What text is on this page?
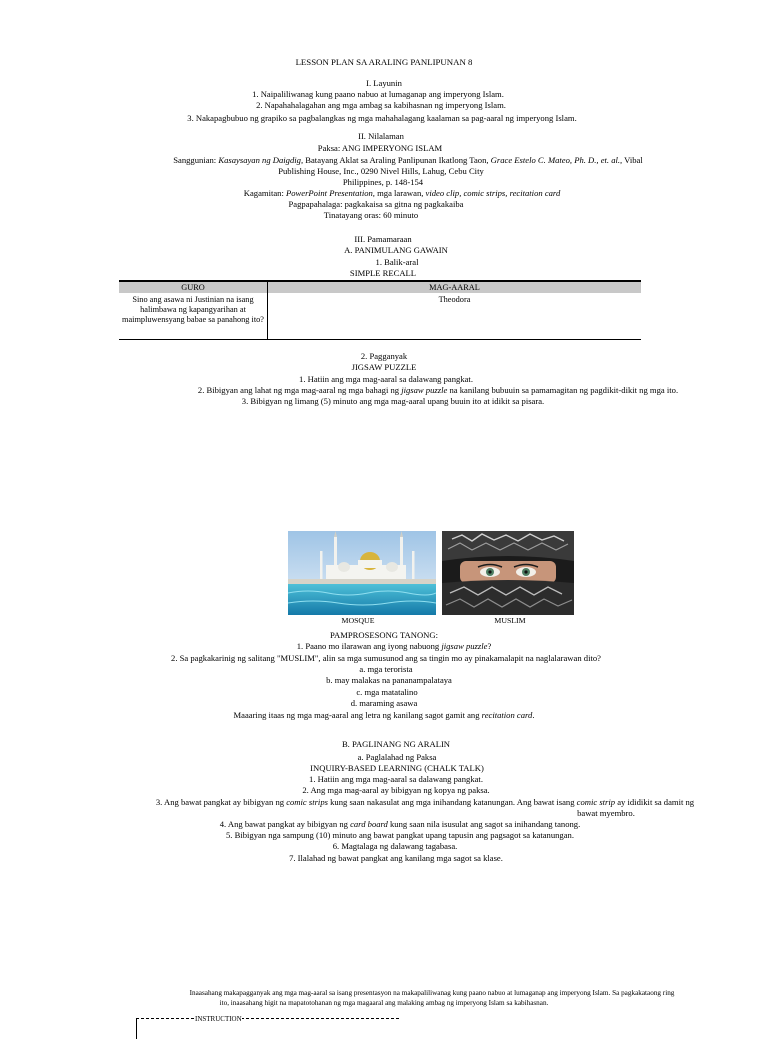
LESSON PLAN SA ARALING PANLIPUNAN 8
I. Layunin
1. Naipaliliwanag kung paano nabuo at lumaganap ang imperyong Islam.
2. Napahahalagahan ang mga ambag sa kabihasnan ng imperyong Islam.
3. Nakapagbubuo ng grapiko sa pagbalangkas ng mga mahahalagang kaalaman sa pag-aaral ng imperyong Islam.
II. Nilalaman
Paksa: ANG IMPERYONG ISLAM
Sanggunian: Kasaysayan ng Daigdig, Batayang Aklat sa Araling Panlipunan Ikatlong Taon, Grace Estelo C. Mateo, Ph. D., et. al., Vibal
Publishing House, Inc., 0290 Nivel Hills, Lahug, Cebu City
Philippines, p. 148-154
Kagamitan: PowerPoint Presentation, mga larawan, video clip, comic strips, recitation card
Pagpapahalaga: pagkakaisa sa gitna ng pagkakaiba
Tinatayang oras: 60 minuto
III. Pamamaraan
A. PANIMULANG GAWAIN
1. Balik-aral
SIMPLE RECALL
GURO	MAG-AARAL
Sino ang asawa ni Justinian na isang halimbawa ng kapangyarihan at maimpluwensyang babae sa panahong ito?	Theodora
2. Pagganyak
JIGSAW PUZZLE
1. Hatiin ang mga mag-aaral sa dalawang pangkat.
2. Bibigyan ang lahat ng mga mag-aaral ng mga bahagi ng jigsaw puzzle na kanilang bubuuin sa pamamagitan ng pagdikit-dikit ng mga ito.
3. Bibigyan ng limang (5) minuto ang mga mag-aaral upang buuin ito at idikit sa pisara.
MOSQUE	MUSLIM
PAMPROSESONG TANONG:
1. Paano mo ilarawan ang iyong nabuong jigsaw puzzle?
2. Sa pagkakarinig ng salitang "MUSLIM", alin sa mga sumusunod ang sa tingin mo ay pinakamalapit na naglalarawan dito?
a. mga terorista
b. may malakas na pananampalataya
c. mga matatalino
d. maraming asawa
Maaaring itaas ng mga mag-aaral ang letra ng kanilang sagot gamit ang recitation card.
B. PAGLINANG NG ARALIN
a. Paglalahad ng Paksa
INQUIRY-BASED LEARNING (CHALK TALK)
1. Hatiin ang mga mag-aaral sa dalawang pangkat.
2. Ang mga mag-aaral ay bibigyan ng kopya ng paksa.
3. Ang bawat pangkat ay bibigyan ng comic strips kung saan nakasulat ang mga inihandang katanungan. Ang bawat isang comic strip ay ididikit sa damit ng
bawat myembro.
4. Ang bawat pangkat ay bibigyan ng card board kung saan nila isusulat ang sagot sa inihandang tanong.
5. Bibigyan nga sampung (10) minuto ang bawat pangkat upang tapusin ang pagsagot sa katanungan.
6. Magtalaga ng dalawang tagabasa.
7. Ilalahad ng bawat pangkat ang kanilang mga sagot sa klase.
Inaasahang makapagganyak ang mga mag-aaral sa isang presentasyon na makapaliliwanag kung paano nabuo at lumaganap ang imperyong Islam. Sa pagkakataong ring
ito, inaasahang higit na mapatotohanan ng mga magaaral ang malaking ambag ng imperyong Islam sa kabihasnan.
INSTRUCTION
